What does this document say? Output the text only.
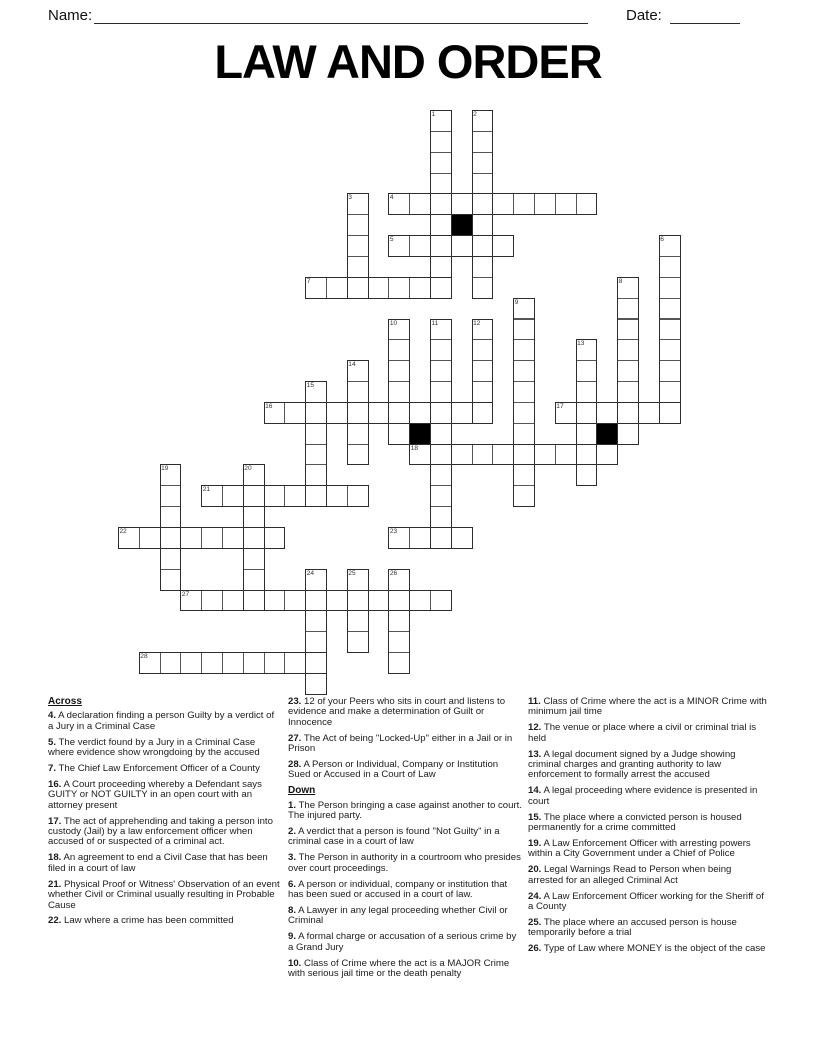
Name:	Date:
LAW AND ORDER
4
5
7
16	17
18
21
22	23
27
28
1	2
3
6
8
9
10	11	12
13
14
15
19	20
24	25	26
Across

4. A declaration finding a person Guilty by a verdict of a Jury in a Criminal Case

5. The verdict found by a Jury in a Criminal Case where evidence show wrongdoing by the accused

7. The Chief Law Enforcement Officer of a County

16. A Court proceeding whereby a Defendant says GUITY or NOT GUILTY in an open court with an attorney present

17. The act of apprehending and taking a person into custody (Jail) by a law enforcement officer when accused of or suspected of a criminal act.

18. An agreement to end a Civil Case that has been filed in a court of law

21. Physical Proof or Witness' Observation of an event whether Civil or Criminal usually resulting in Probable Cause

22. Law where a crime has been committed

23. 12 of your Peers who sits in court and listens to evidence and make a determination of Guilt or Innocence

27. The Act of being "Locked-Up" either in a Jail or in Prison

28. A Person or Individual, Company or Institution Sued or Accused in a Court of Law

Down

1. The Person bringing a case against another to court. The injured party.

2. A verdict that a person is found "Not Guilty" in a criminal case in a court of law

3. The Person in authority in a courtroom who presides over court proceedings.

6. A person or individual, company or institution that has been sued or accused in a court of law.

8. A Lawyer in any legal proceeding whether Civil or Criminal

9. A formal charge or accusation of a serious crime by a Grand Jury

10. Class of Crime where the act is a MAJOR Crime with serious jail time or the death penalty

11. Class of Crime where the act is a MINOR Crime with minimum jail time

12. The venue or place where a civil or criminal trial is held

13. A legal document signed by a Judge showing criminal charges and granting authority to law enforcement to formally arrest the accused

14. A legal proceeding where evidence is presented in court

15. The place where a convicted person is housed permanently for a crime committed

19. A Law Enforcement Officer with arresting powers within a City Government under a Chief of Police

20. Legal Warnings Read to Person when being arrested for an alleged Criminal Act

24. A Law Enforcement Officer working for the Sheriff of a County

25. The place where an accused person is house temporarily before a trial

26. Type of Law where MONEY is the object of the case
